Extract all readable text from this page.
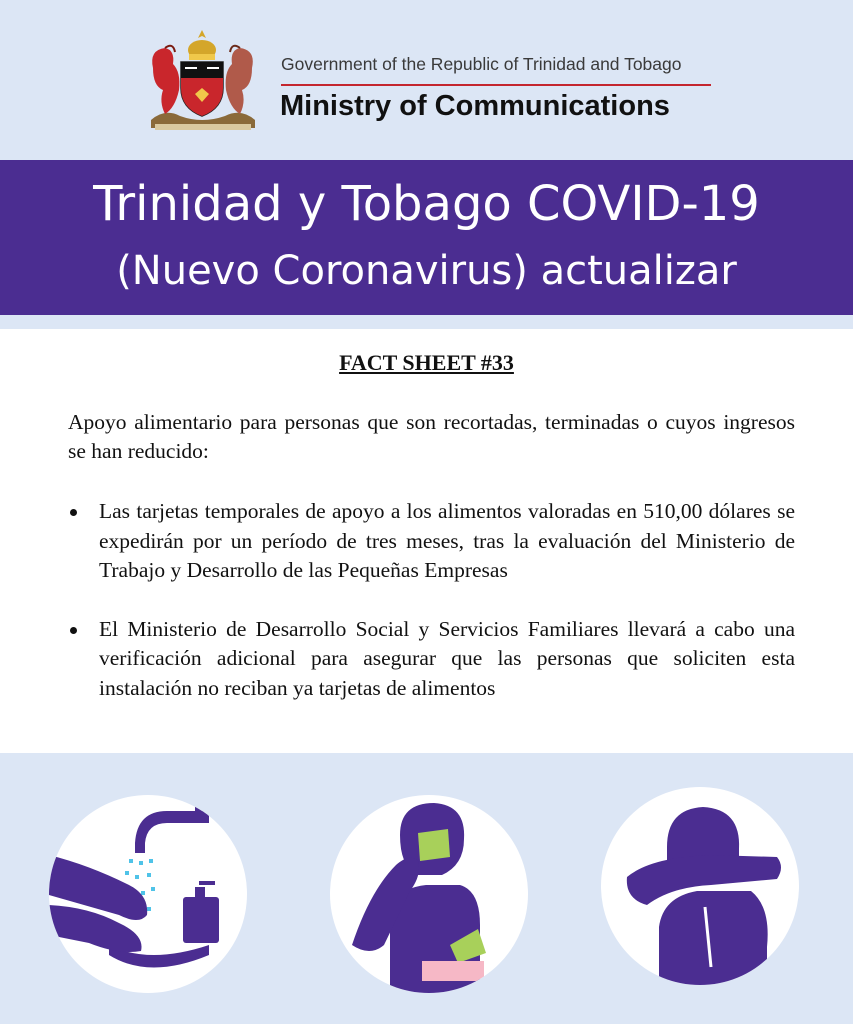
Government of the Republic of Trinidad and Tobago
Ministry of Communications
Trinidad y Tobago COVID-19
(Nuevo Coronavirus) actualizar
FACT SHEET #33
Apoyo alimentario para personas que son recortadas, terminadas o cuyos ingresos se han reducido:
Las tarjetas temporales de apoyo a los alimentos valoradas en 510,00 dólares se expedirán por un período de tres meses, tras la evaluación del Ministerio de Trabajo y Desarrollo de las Pequeñas Empresas
El Ministerio de Desarrollo Social y Servicios Familiares llevará a cabo una verificación adicional para asegurar que las personas que soliciten esta instalación no reciban ya tarjetas de alimentos
